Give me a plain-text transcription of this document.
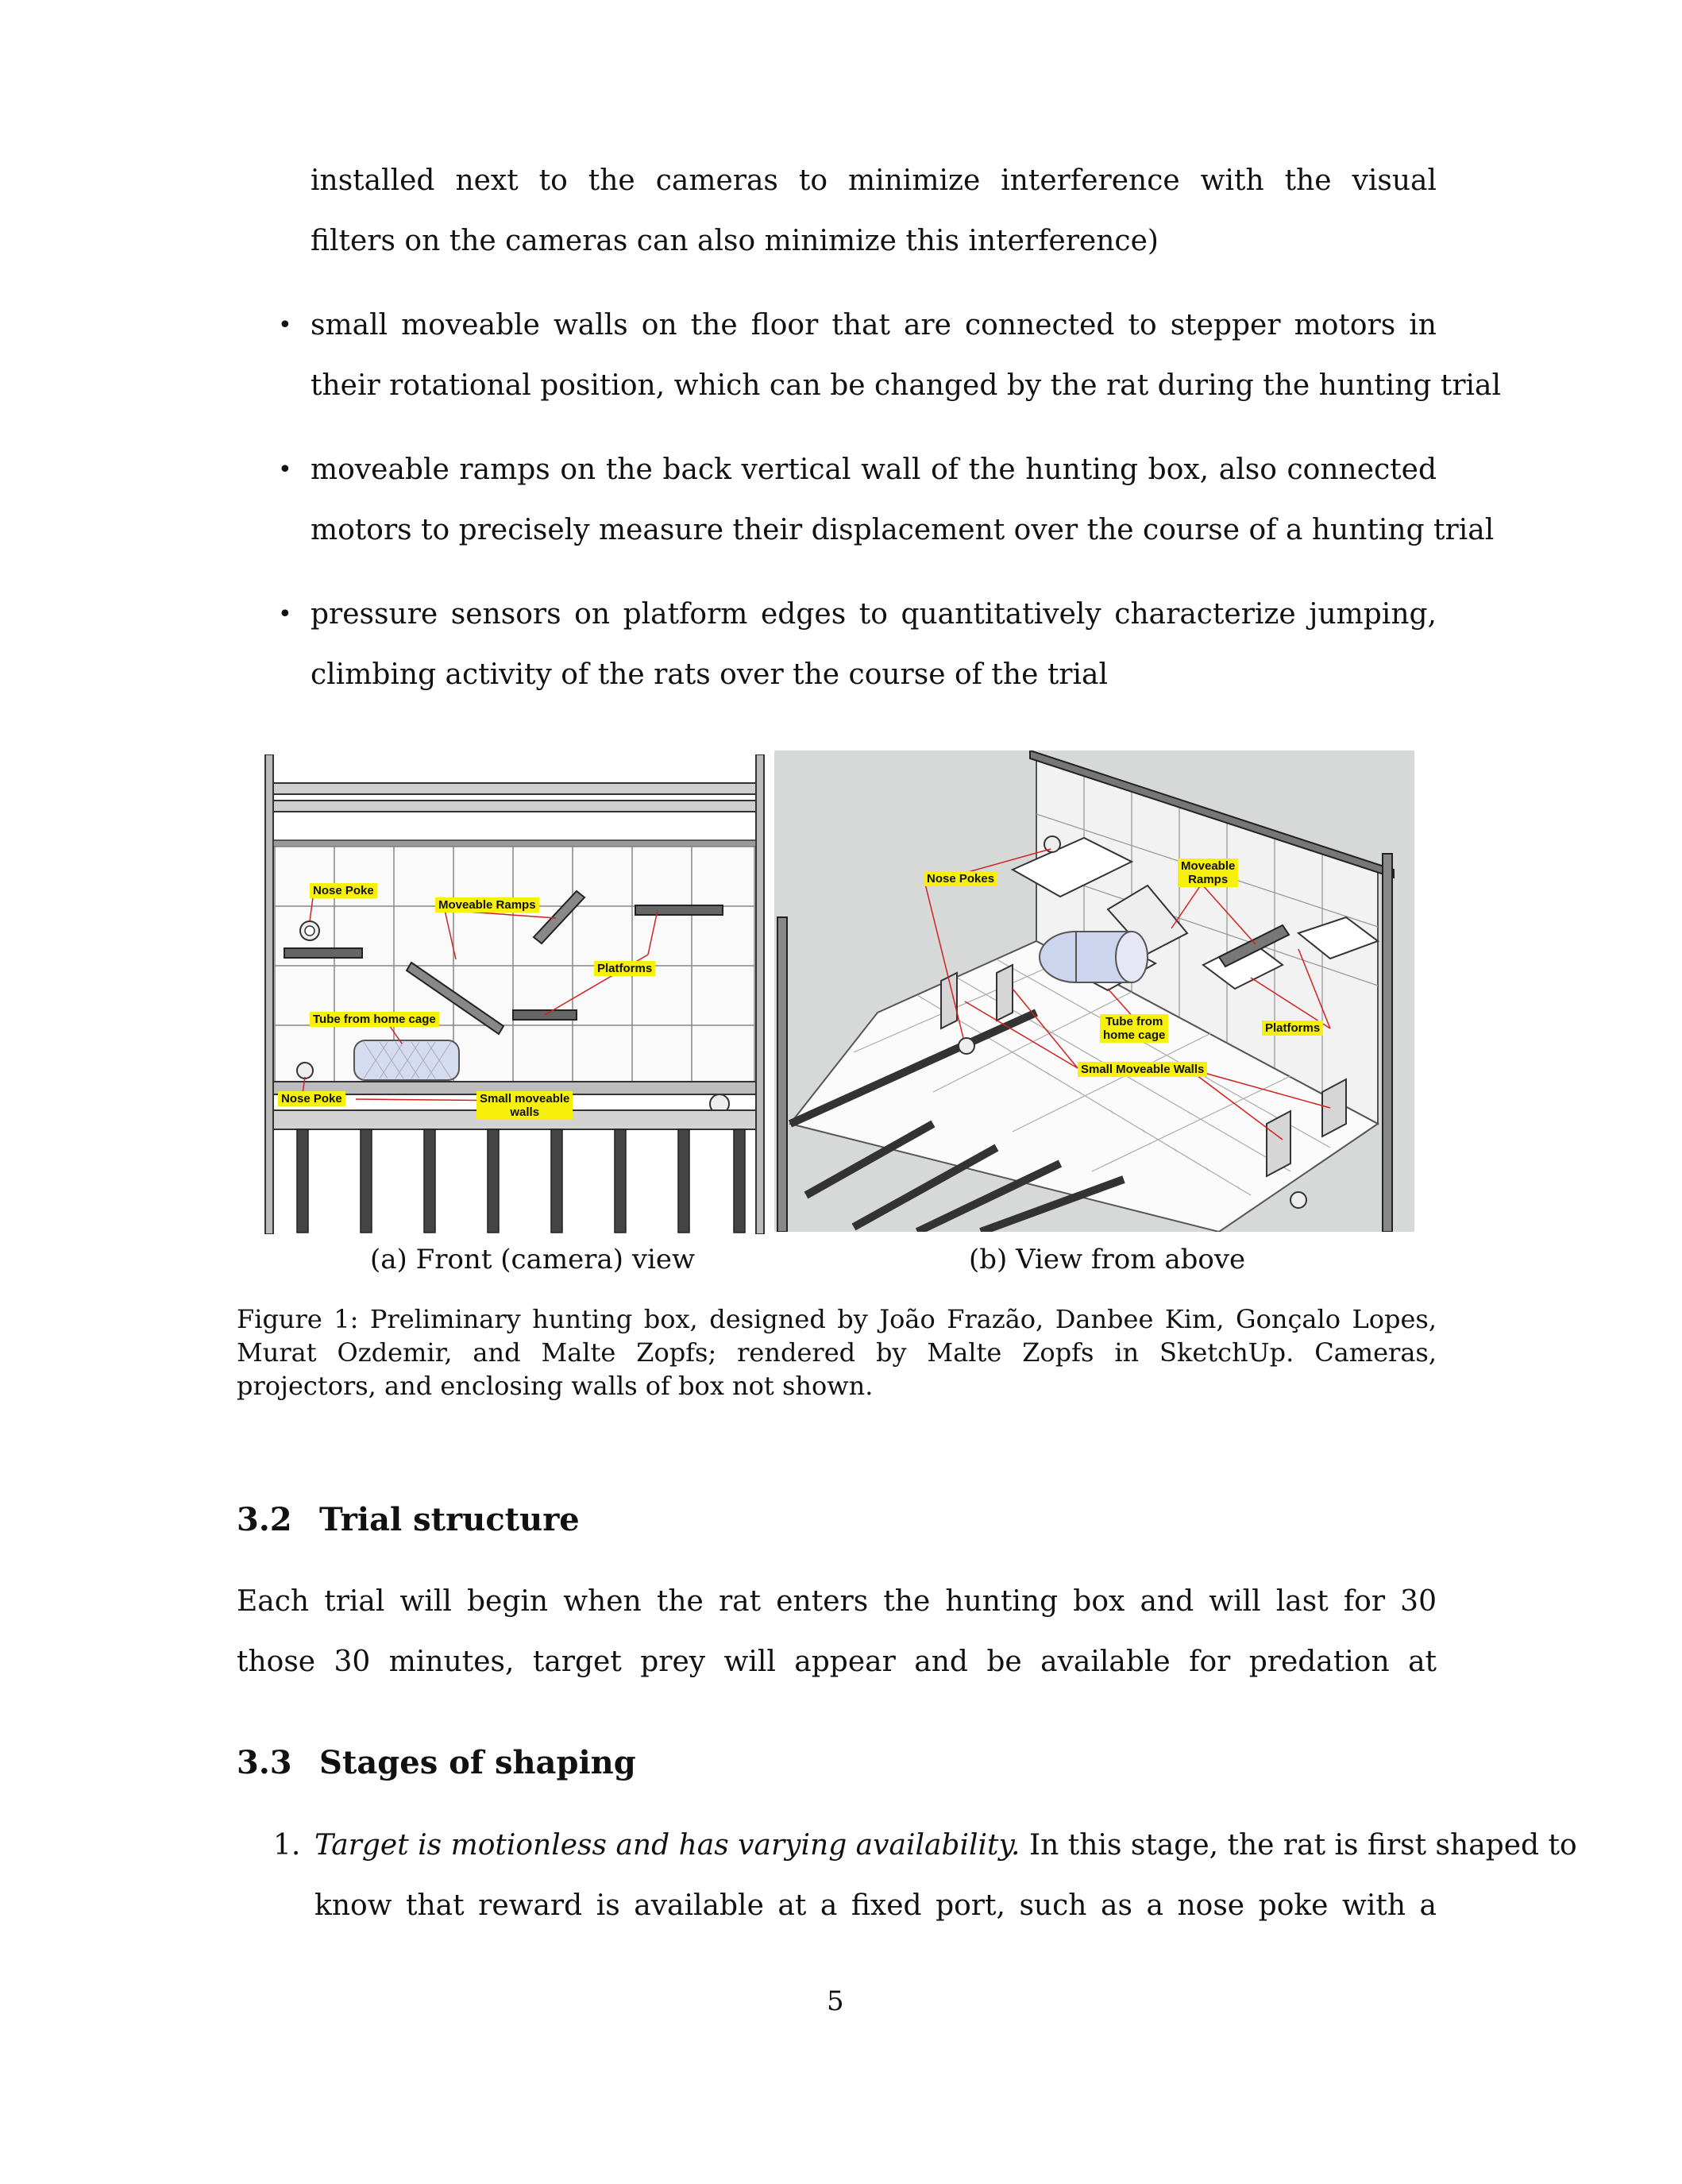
installed next to the cameras to minimize interference with the visual
filters on the cameras can also minimize this interference)
• small moveable walls on the floor that are connected to stepper motors in
their rotational position, which can be changed by the rat during the hunting trial
• moveable ramps on the back vertical wall of the hunting box, also connected
motors to precisely measure their displacement over the course of a hunting trial
• pressure sensors on platform edges to quantitatively characterize jumping,
climbing activity of the rats over the course of the trial
Nose Poke
Moveable Ramps
Platforms
Tube from home cage
Nose Poke	Small moveable
walls
Nose Pokes
Moveable
Ramps
Tube from
home cage
Platforms
Small Moveable Walls
(a) Front (camera) view	(b) View from above
Figure 1: Preliminary hunting box, designed by João Frazão, Danbee Kim, Gonçalo Lopes, Murat Ozdemir, and Malte Zopfs; rendered by Malte Zopfs in SketchUp. Cameras, projectors, and enclosing walls of box not shown.
3.2 Trial structure
Each trial will begin when the rat enters the hunting box and will last for 30
those 30 minutes, target prey will appear and be available for predation at
3.3 Stages of shaping
1. Target is motionless and has varying availability. In this stage, the rat is first shaped to
know that reward is available at a fixed port, such as a nose poke with a
5
